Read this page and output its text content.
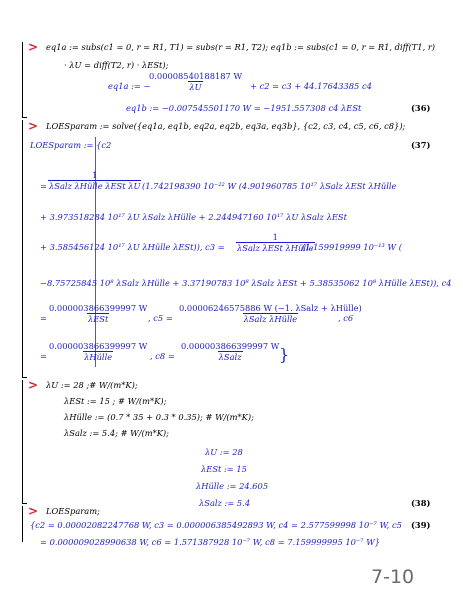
> eq1a := subs(c1 = 0, r = R1, T1) = subs(r = R1, T2); eq1b := subs(c1 = 0, r = R1, diff(T1, r)
· λU = diff(T2, r) · λESt);
eq1a := −
$\frac{0.00008540188187 W}{\lambda U} + c2 = c3 + 44.17643385$ c4
eq1b := −0.007545501170 W = −1951.557308 c4 λESt	(36)
> LOESparam := solve({eq1a, eq1b, eq2a, eq2b, eq3a, eq3b}, {c2, c3, c4, c5, c6, c8});
LOESparam := {c2	(37)
=
1
λSalz λHülle λESt λU (1.742198390 10⁻²² W (4.901960785 10¹⁷ λSalz λESt λHülle
+ 3.973518284 10¹⁷ λU λSalz λHülle + 2.244947160 10¹⁷ λU λSalz λESt
+ 3.585456124 10¹⁷ λU λHülle λESt)), c3 =
1
λSalz λESt λHülle
(1.159919999 10⁻¹³ W (
−8.75725845 10⁸ λSalz λHülle + 3.37190783 10⁸ λSalz λESt + 5.38535062 10⁸ λHülle λESt)), c4
=
0.000003866399997 W
λESt	, c5 =
0.00006246575886 W (−1. λSalz + λHülle)
λSalz λHülle	, c6
=
0.000003866399997 W
λHülle	, c8 =
0.000003866399997 W
λSalz }
> λU := 28 ;# W/(m*K);
λESt := 15 ; # W/(m*K);
λHülle := (0.7 * 35 + 0.3 * 0.35); # W/(m*K);
λSalz := 5.4; # W/(m*K);
λU := 28
λESt := 15
λHülle := 24.605
λSalz := 5.4	(38)
> LOESparam;
{c2 = 0.00002082247768 W, c3 = 0.000006385492893 W, c4 = 2.577599998 10⁻⁷ W, c5 (39)
= 0.000009028990638 W, c6 = 1.571387928 10⁻⁷ W, c8 = 7.159999995 10⁻⁷ W}
7-10
